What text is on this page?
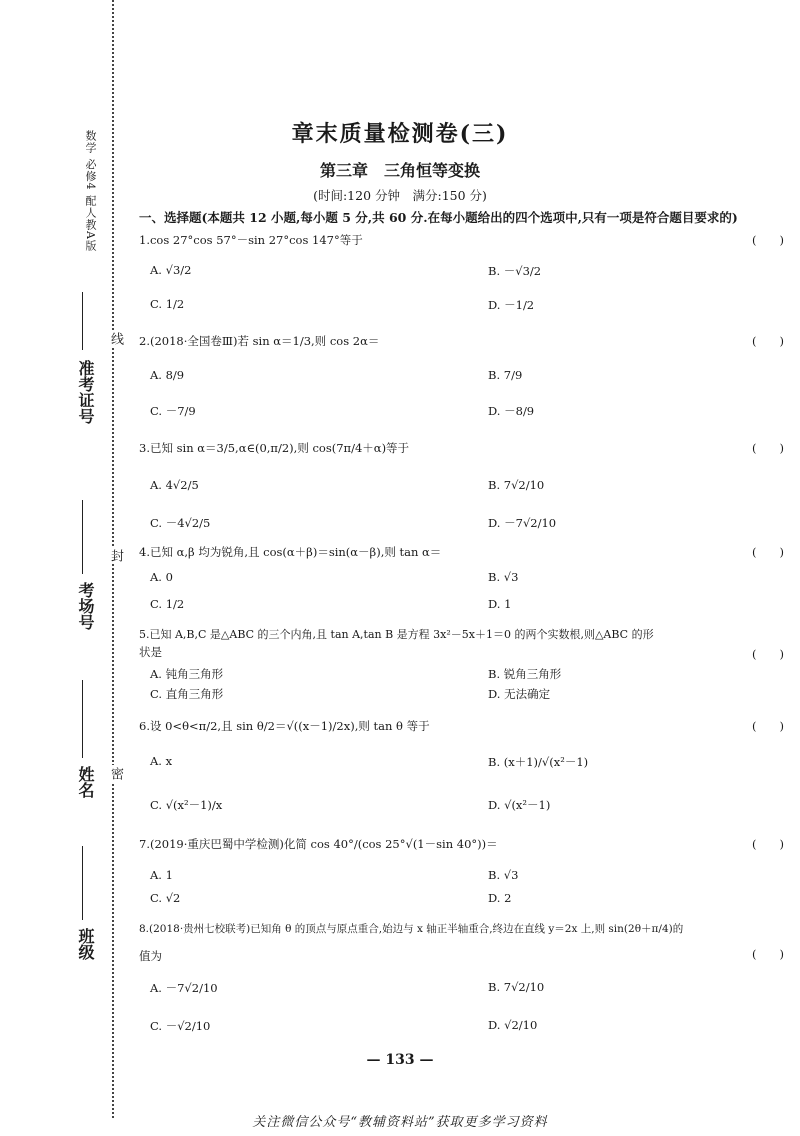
数学 必修4 配人教A版
准考证号
考场号
姓名
班级
线
封
密
章末质量检测卷(三)
第三章　三角恒等变换
(时间:120 分钟　满分:150 分)
一、选择题(本题共 12 小题,每小题 5 分,共 60 分.在每小题给出的四个选项中,只有一项是符合题目要求的)
1.cos 27°cos 57°－sin 27°cos 147°等于	(　　)
A. √3/2	B. －√3/2
C. 1/2	D. －1/2
2.(2018·全国卷Ⅲ)若 sin α＝1/3,则 cos 2α＝	(　　)
A. 8/9	B. 7/9
C. －7/9	D. －8/9
3.已知 sin α＝3/5,α∈(0,π/2),则 cos(7π/4＋α)等于	(　　)
A. 4√2/5	B. 7√2/10
C. －4√2/5	D. －7√2/10
4.已知 α,β 均为锐角,且 cos(α＋β)＝sin(α－β),则 tan α＝	(　　)
A. 0	B. √3
C. 1/2	D. 1
5.已知 A,B,C 是△ABC 的三个内角,且 tan A,tan B 是方程 3x²－5x＋1＝0 的两个实数根,则△ABC 的形
状是	(　　)
A. 钝角三角形	B. 锐角三角形
C. 直角三角形	D. 无法确定
6.设 0<θ<π/2,且 sin θ/2＝√((x－1)/2x),则 tan θ 等于	(　　)
A. x	B. (x＋1)/√(x²－1)
C. √(x²－1)/x	D. √(x²－1)
7.(2019·重庆巴蜀中学检测)化简 cos 40°/(cos 25°√(1－sin 40°))＝	(　　)
A. 1	B. √3
C. √2	D. 2
8.(2018·贵州七校联考)已知角 θ 的顶点与原点重合,始边与 x 轴正半轴重合,终边在直线 y＝2x 上,则 sin(2θ＋π/4)的
值为	(　　)
A. －7√2/10	B. 7√2/10
C. －√2/10	D. √2/10
— 133 —
关注微信公众号“教辅资料站”获取更多学习资料
